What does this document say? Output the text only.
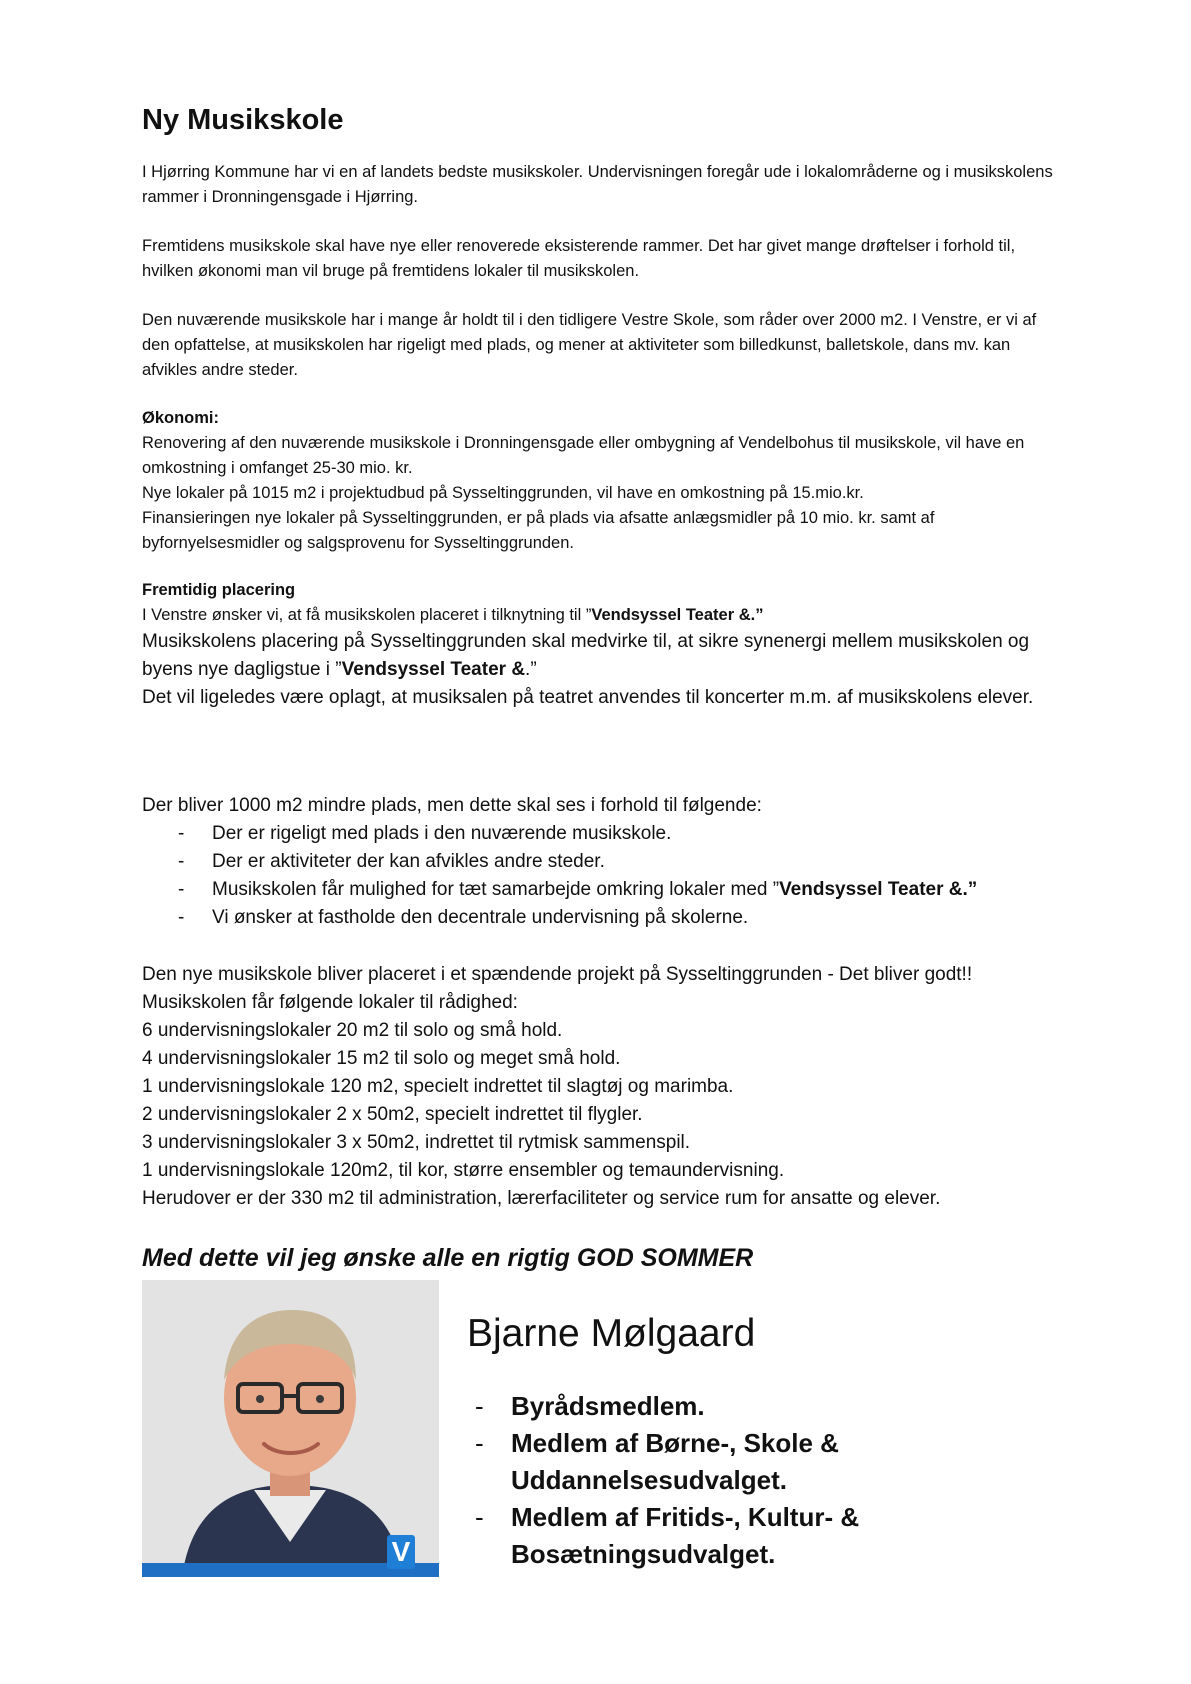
Ny Musikskole

I Hjørring Kommune har vi en af landets bedste musikskoler. Undervisningen foregår ude i lokalområderne og i musikskolens rammer i Dronningensgade i Hjørring.

Fremtidens musikskole skal have nye eller renoverede eksisterende rammer. Det har givet mange drøftelser i forhold til, hvilken økonomi man vil bruge på fremtidens lokaler til musikskolen.

Den nuværende musikskole har i mange år holdt til i den tidligere Vestre Skole, som råder over 2000 m2. I Venstre, er vi af den opfattelse, at musikskolen har rigeligt med plads, og mener at aktiviteter som billedkunst, balletskole, dans mv. kan afvikles andre steder.

Økonomi:

Renovering af den nuværende musikskole i Dronningensgade eller ombygning af Vendelbohus til musikskole, vil have en omkostning i omfanget 25-30 mio. kr.

Nye lokaler på 1015 m2 i projektudbud på Sysseltinggrunden, vil have en omkostning på 15.mio.kr.

Finansieringen nye lokaler på Sysseltinggrunden, er på plads via afsatte anlægsmidler på 10 mio. kr. samt af byfornyelsesmidler og salgsprovenu for Sysseltinggrunden.

Fremtidig placering

I Venstre ønsker vi, at få musikskolen placeret i tilknytning til ”Vendsyssel Teater &.”

Musikskolens placering på Sysseltinggrunden skal medvirke til, at sikre synenergi mellem musikskolen og byens nye dagligstue i ”Vendsyssel Teater &.”

Det vil ligeledes være oplagt, at musiksalen på teatret anvendes til koncerter m.m. af musikskolens elever.

Der bliver 1000 m2 mindre plads, men dette skal ses i forhold til følgende:

- Der er rigeligt med plads i den nuværende musikskole.
- Der er aktiviteter der kan afvikles andre steder.
- Musikskolen får mulighed for tæt samarbejde omkring lokaler med ”Vendsyssel Teater &.”
- Vi ønsker at fastholde den decentrale undervisning på skolerne.

Den nye musikskole bliver placeret i et spændende projekt på Sysseltinggrunden - Det bliver godt!!

Musikskolen får følgende lokaler til rådighed:

6 undervisningslokaler 20 m2 til solo og små hold.

4 undervisningslokaler 15 m2 til solo og meget små hold.

1 undervisningslokale 120 m2, specielt indrettet til slagtøj og marimba.

2 undervisningslokaler 2 x 50m2, specielt indrettet til flygler.

3 undervisningslokaler 3 x 50m2, indrettet til rytmisk sammenspil.

1 undervisningslokale 120m2, til kor, større ensembler og temaundervisning.

Herudover er der 330 m2 til administration, lærerfaciliteter og service rum for ansatte og elever.

Med dette vil jeg ønske alle en rigtig GOD SOMMER

V
Bjarne Mølgaard
- Byrådsmedlem.
- Medlem af Børne-, Skole & Uddannelsesudvalget.
- Medlem af Fritids-, Kultur- & Bosætningsudvalget.
